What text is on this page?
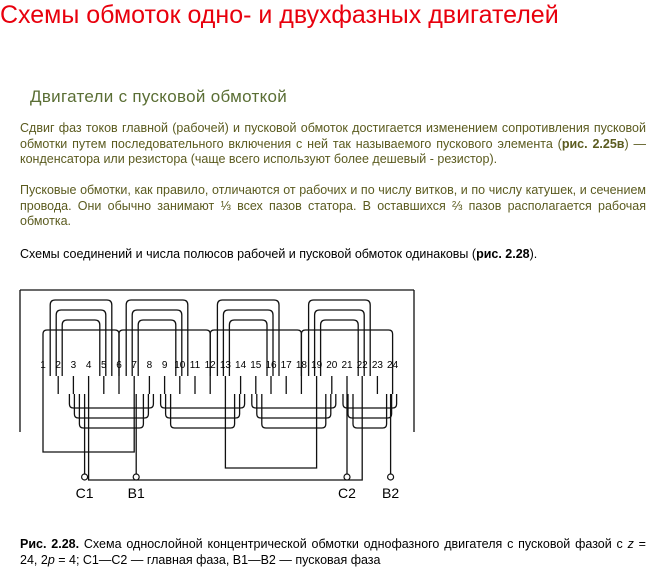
Схемы обмоток одно- и двухфазных двигателей
Двигатели с пусковой обмоткой
Сдвиг фаз токов главной (рабочей) и пусковой обмоток достигается изменением сопротивления пусковой обмотки путем последовательного включения с ней так называемого пускового элемента (рис. 2.25в) — конденсатора или резистора (чаще всего используют более дешевый - резистор).
Пусковые обмотки, как правило, отличаются от рабочих и по числу витков, и по числу катушек, и сечением провода. Они обычно занимают ⅓ всех пазов статора. В оставшихся ⅔ пазов располагается рабочая обмотка.
Схемы соединений и числа полюсов рабочей и пусковой обмоток одинаковы (рис. 2.28).
1 2 3 4 5 6 7 8 9 10 11 12 13 14 15 16 17 18 19 20 21 22 23 24
C1 B1	C2 B2
Рис. 2.28. Схема однослойной концентрической обмотки однофазного двигателя с пусковой фазой с z = 24, 2p = 4; С1—С2 — главная фаза, В1—В2 — пусковая фаза
